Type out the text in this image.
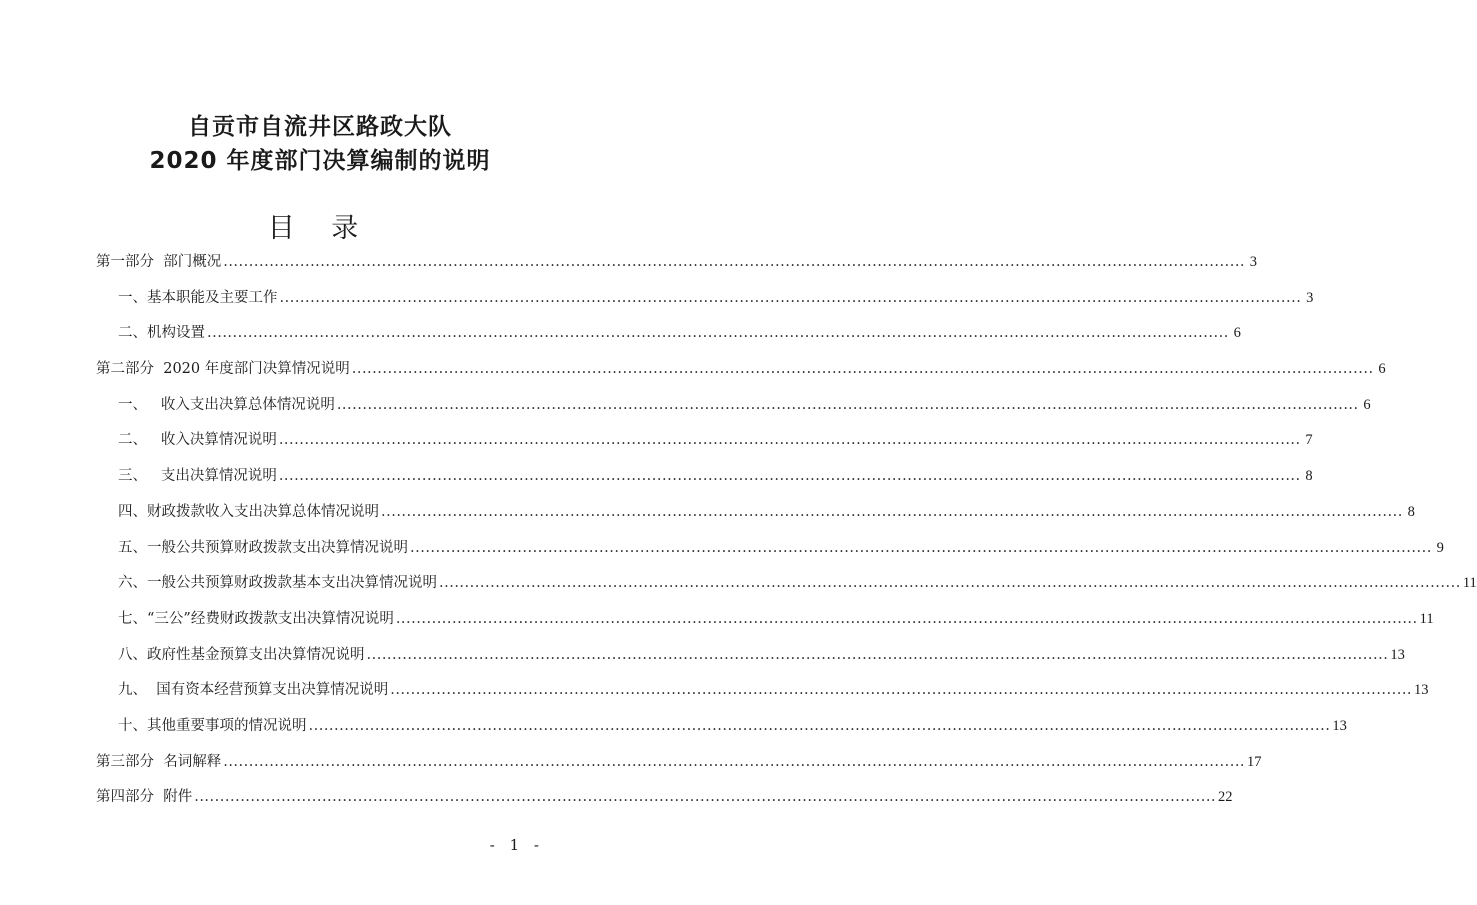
自贡市自流井区路政大队
2020 年度部门决算编制的说明
目 录
第一部分  部门概况 ........................................................................................................................................................................................................ 3
一、基本职能及主要工作 ........................................................................................................................................................................................................ 3
二、机构设置 ........................................................................................................................................................................................................ 6
第二部分  2020 年度部门决算情况说明 ........................................................................................................................................................................................................ 6
一、   收入支出决算总体情况说明 ........................................................................................................................................................................................................ 6
二、   收入决算情况说明 ........................................................................................................................................................................................................ 7
三、   支出决算情况说明 ........................................................................................................................................................................................................ 8
四、财政拨款收入支出决算总体情况说明 ........................................................................................................................................................................................................ 8
五、一般公共预算财政拨款支出决算情况说明 ........................................................................................................................................................................................................ 9
六、一般公共预算财政拨款基本支出决算情况说明 ........................................................................................................................................................................................................ 11
七、“三公”经费财政拨款支出决算情况说明 ........................................................................................................................................................................................................ 11
八、政府性基金预算支出决算情况说明 ........................................................................................................................................................................................................ 13
九、  国有资本经营预算支出决算情况说明 ........................................................................................................................................................................................................ 13
十、其他重要事项的情况说明 ........................................................................................................................................................................................................ 13
第三部分  名词解释 ........................................................................................................................................................................................................ 17
第四部分  附件 ........................................................................................................................................................................................................ 22
- 1 -
